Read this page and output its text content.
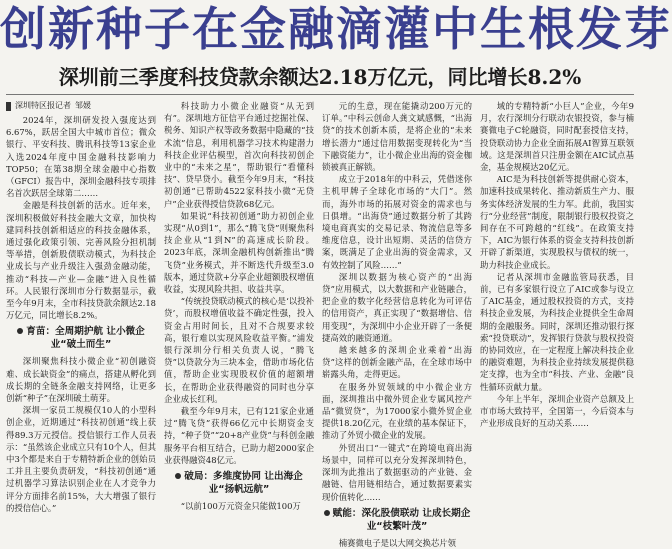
创新种子在金融滴灌中生根发芽
深圳前三季度科技贷款余额达2.18万亿元，同比增长8.2%
深圳特区报记者 邹媛

2024年，深圳研发投入强度达到6.67%，跃居全国大中城市首位；微众银行、平安科技、腾讯科技等13家企业入选2024年度中国金融科技影响力TOP50；在第38期全球金融中心指数（GFCI）报告中，深圳金融科技专项排名首次跃居全球第二……

金融是科技创新的活水。近年来，深圳积极做好科技金融大文章，加快构建同科技创新相适应的科技金融体系，通过强化政策引领、完善风险分担机制等举措，创新股债联动模式，为科技企业成长与产业升级注入强劲金融动能，推动“科技—产业—金融”进入良性循环。人民银行深圳市分行数据显示，截至今年9月末，全市科技贷款余额达2.18万亿元，同比增长8.2%。

育苗：全周期护航 让小微企业“破土而生”

深圳聚焦科技小微企业“初创融资难、成长缺资金”的痛点，搭建从孵化到成长期的全链条金融支持网络，让更多创新“种子”在深圳破土萌芽。

深圳一家员工规模仅10人的小型科创企业，近期通过“科技初创通”线上获得89.3万元授信。授信银行工作人员表示：“虽然该企业成立只有10个人，但其中3个都是来自于专精特新企业的创始员工并且主要负责研发，“科技初创通”通过机器学习算法识别企业在人才竞争力评分方面排名前15%，大大增强了银行的授信信心。”

科技助力小微企业融资“从无到有”。深圳地方征信平台通过挖掘社保、税务、知识产权等政务数据中隐藏的“技术流”信息，利用机器学习技术构建潜力科技企业评估模型，首次向科技初创企业中的“未来之星”，帮助银行“看懂科技”、贷早贷小。截至今年9月末，“科技初创通”已帮助4522家科技小微“无贷户”企业获得授信贷款68亿元。

如果说“科技初创通”助力初创企业实现“从0到1”，那么“腾飞贷”则聚焦科技企业从“1到N”的高速成长阶段。2023年底，深圳金融机构创新推出“腾飞贷”业务模式，并不断迭代升级至3.0版本，通过贷款+分享企业超额股权增值收益，实现风险共担、收益共享。

“传统投贷联动模式的核心是‘以投补贷’，而股权增值收益不确定性强，投入资金占用时间长，且对不合规要求较高，银行难以实现风险收益平衡。”浦发银行深圳分行相关负责人说，“腾飞贷”以贷款分为三块本金，借助市场化估值，帮助企业实现股权价值的超额增长，在帮助企业获得融资的同时也分享企业成长红利。

截至今年9月末，已有121家企业通过“腾飞贷”获得66亿元中长期资金支持，“种子贷”“20+8产业贷”与科创金融服务平台相互结合，已助力超2000家企业获得融资48亿元。

破局：多维度协同 让出海企业“扬帆远航”

“以前100万元资金只能做100万

元的生意，现在能撬动200万元的订单。”中科云创命人龚文斌感慨，“出海贷”的技术创新本质，是将企业的“未来增长潜力”通过信用数据变现转化为“当下融资能力”，让小微企业出海的资金枷锁被真正解锁。

成立于2018年的中科云，凭借迷你主机甲牌子全球化市场的“大门”。然而，海外市场的拓展对资金的需求也与日俱增。“出海贷”通过数据分析了其跨境电商真实的交易记录、物流信息等多维度信息，设计出短期、灵活的信贷方案，既满足了企业出海的资金需求，又有效控制了风险……”

深圳以数据为核心资产的“出海贷”应用模式，以大数据和产业链融合，把企业的数字化经营信息转化为可评估的信用资产，真正实现了“数据增信、信用变现”，为深圳中小企业开辟了一条便捷高效的融资通道。

越来越多的深圳企业乘着“出海贷”这样的创新金融产品，在全球市场中崭露头角，走得更远。

在服务外贸领域的中小微企业方面，深圳推出中微外贸企业专属风控产品“微贸贷”，为17000家小微外贸企业提供18.20亿元，在业绩的基本保证下，推动了外贸小微企业的发展。

外贸出口“一键式”在跨境电商出海场景中，同样可以充分发挥深圳特色，深圳为此推出了数据驱动的产业链、金融链、信用链相结合，通过数据要素实现价值转化……

赋能：深化股债联动 让成长期企业“枝繁叶茂”

楠赛微电子是以大网交换芯片领

域的专精特新“小巨人”企业，今年9月，农行深圳分行联动农银投资，参与楠赛微电子C轮融资，同时配套授信支持，投贷联动协力企业全面拓展AI智算互联领域。这是深圳首只注册金额在AIC试点基金，基金规模达20亿元。

AIC是为科技创新等提供耐心资本，加速科技成果转化、推动新质生产力、服务实体经济发展的生力军。此前，我国实行“分业经营”制度，限制银行股权投资之间存在不可跨越的“红线”。在政策支持下，AIC为银行体系的资金支持科技创新开辟了新渠道，实现股权与债权的统一，助力科技企业成长。

记者从深圳市金融监管局获悉，目前，已有多家银行设立了AIC或参与设立了AIC基金，通过股权投资的方式，支持科技企业发展，为科技企业提供全生命周期的金融服务。同时，深圳还推动银行探索“投贷联动”，发挥银行贷款与股权投资的协同效应，在一定程度上解决科技企业的融资难题，为科技企业持续发展提供稳定支撑，也为全市“科技、产业、金融”良性循环贡献力量。

今年上半年，深圳企业资产总额及上市市场大致持平，全国第一，今后资本与产业形成良好的互动关系……
